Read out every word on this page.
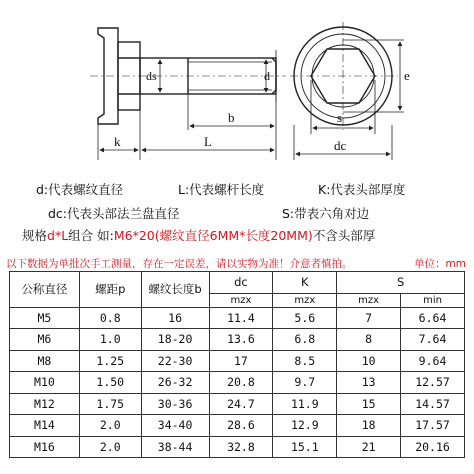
ds	d
b
k	L
s
dc
e
d:代表螺纹直径	L:代表螺杆长度	K:代表头部厚度
dc:代表头部法兰盘直径	S:带表六角对边
规格d*L组合 如:M6*20(螺纹直径6MM*长度20MM)不含头部厚
以下数据为单批次手工测量，存在一定误差，请以实物为准！介意者慎拍。	单位：mm
公称直径	螺距p	螺纹长度b	dc	K	S	
			mzx	mzx	mzx	min
M5	0.8	16	11.4	5.6	7	6.64
M6	1.0	18-20	13.6	6.8	8	7.64
M8	1.25	22-30	17	8.5	10	9.64
M10	1.50	26-32	20.8	9.7	13	12.57
M12	1.75	30-36	24.7	11.9	15	14.57
M14	2.0	34-40	28.6	12.9	18	17.57
M16	2.0	38-44	32.8	15.1	21	20.16
